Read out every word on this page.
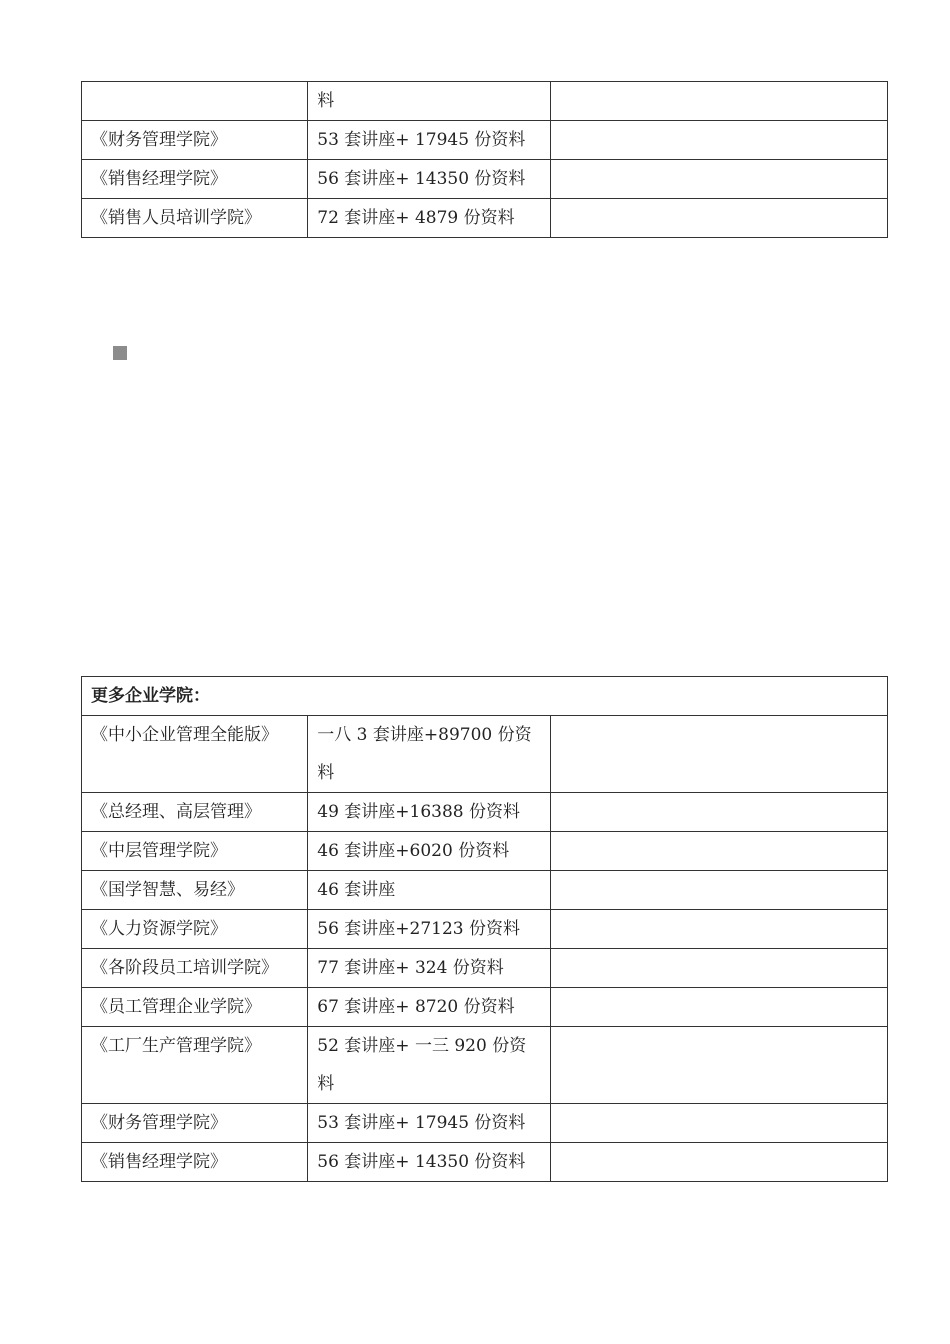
	料	
《财务管理学院》	53 套讲座+ 17945 份资料	
《销售经理学院》	56 套讲座+ 14350 份资料	
《销售人员培训学院》	72 套讲座+ 4879 份资料	
更多企业学院：		
《中小企业管理全能版》	一八 3 套讲座+89700 份资料	
《总经理、高层管理》	49 套讲座+16388 份资料	
《中层管理学院》	46 套讲座+6020 份资料	
《国学智慧、易经》	46 套讲座	
《人力资源学院》	56 套讲座+27123 份资料	
《各阶段员工培训学院》	77 套讲座+ 324 份资料	
《员工管理企业学院》	67 套讲座+ 8720 份资料	
《工厂生产管理学院》	52 套讲座+ 一三 920 份资料	
《财务管理学院》	53 套讲座+ 17945 份资料	
《销售经理学院》	56 套讲座+ 14350 份资料	
